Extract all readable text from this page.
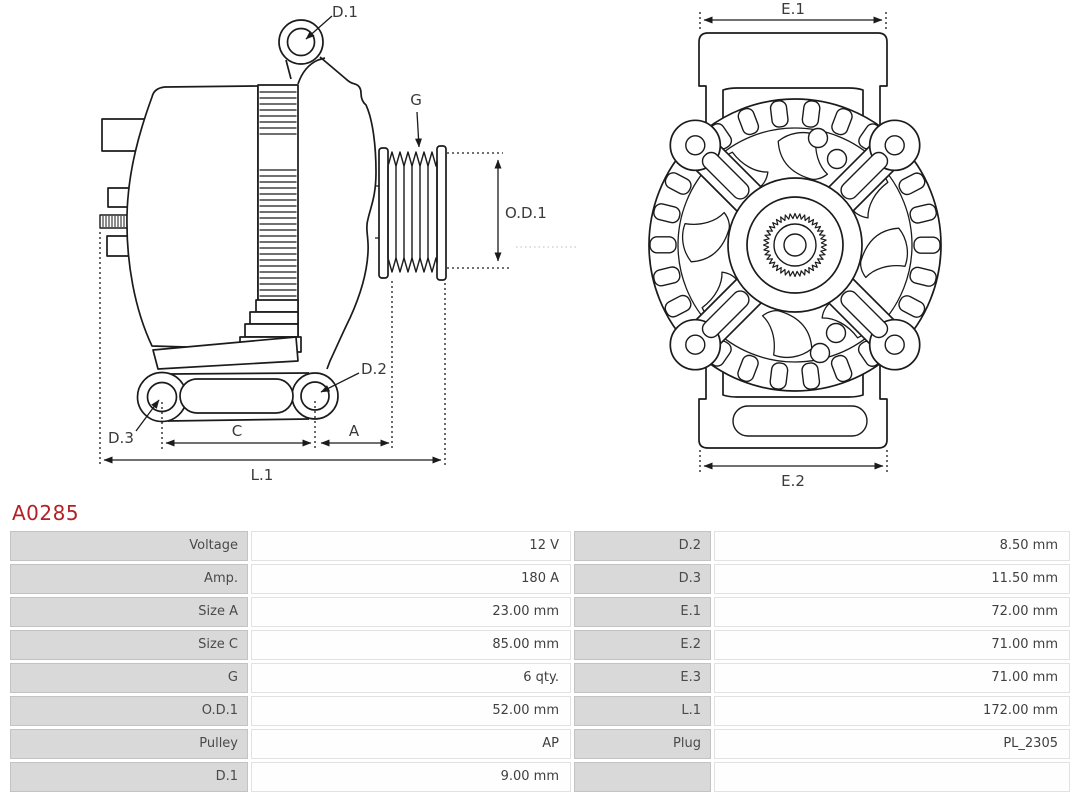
D.1
G
O.D.1
D.2
D.3	C	A
L.1
E.1
E.2
A0285
Voltage	12 V	D.2	8.50 mm
Amp.	180 A	D.3	11.50 mm
Size A	23.00 mm	E.1	72.00 mm
Size C	85.00 mm	E.2	71.00 mm
G	6 qty.	E.3	71.00 mm
O.D.1	52.00 mm	L.1	172.00 mm
Pulley	AP	Plug	PL_2305
D.1	9.00 mm
